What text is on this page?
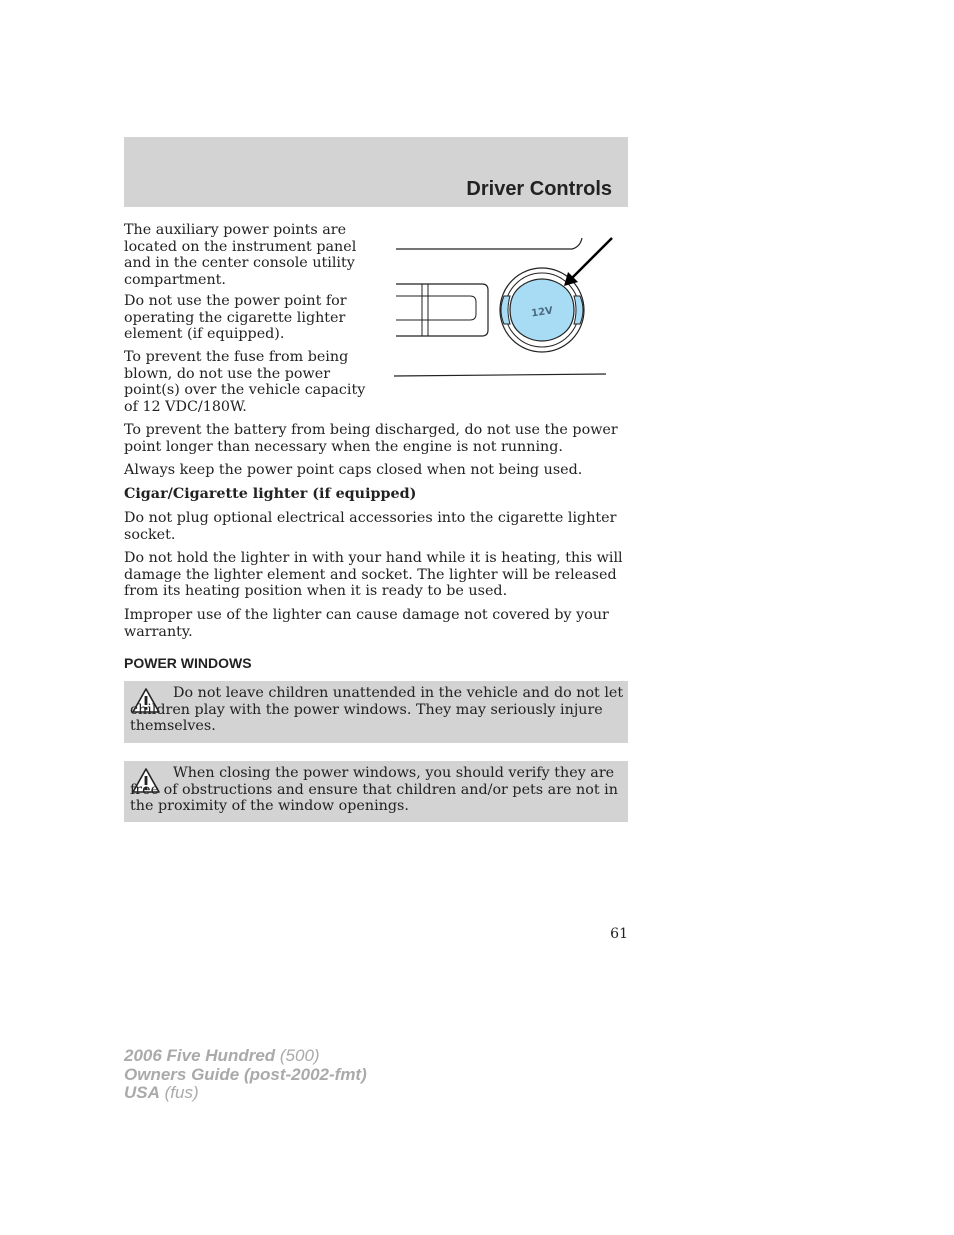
Driver Controls

The auxiliary power points are located on the instrument panel and in the center console utility compartment.

Do not use the power point for operating the cigarette lighter element (if equipped).

To prevent the fuse from being blown, do not use the power point(s) over the vehicle capacity of 12 VDC/180W.

12V

To prevent the battery from being discharged, do not use the power point longer than necessary when the engine is not running.

Always keep the power point caps closed when not being used.

Cigar/Cigarette lighter (if equipped)

Do not plug optional electrical accessories into the cigarette lighter socket.

Do not hold the lighter in with your hand while it is heating, this will damage the lighter element and socket. The lighter will be released from its heating position when it is ready to be used.

Improper use of the lighter can cause damage not covered by your warranty.

POWER WINDOWS
Do not leave children unattended in the vehicle and do not let children play with the power windows. They may seriously injure themselves.
When closing the power windows, you should verify they are free of obstructions and ensure that children and/or pets are not in the proximity of the window openings.
61
2006 Five Hundred (500)
Owners Guide (post-2002-fmt)
USA (fus)
